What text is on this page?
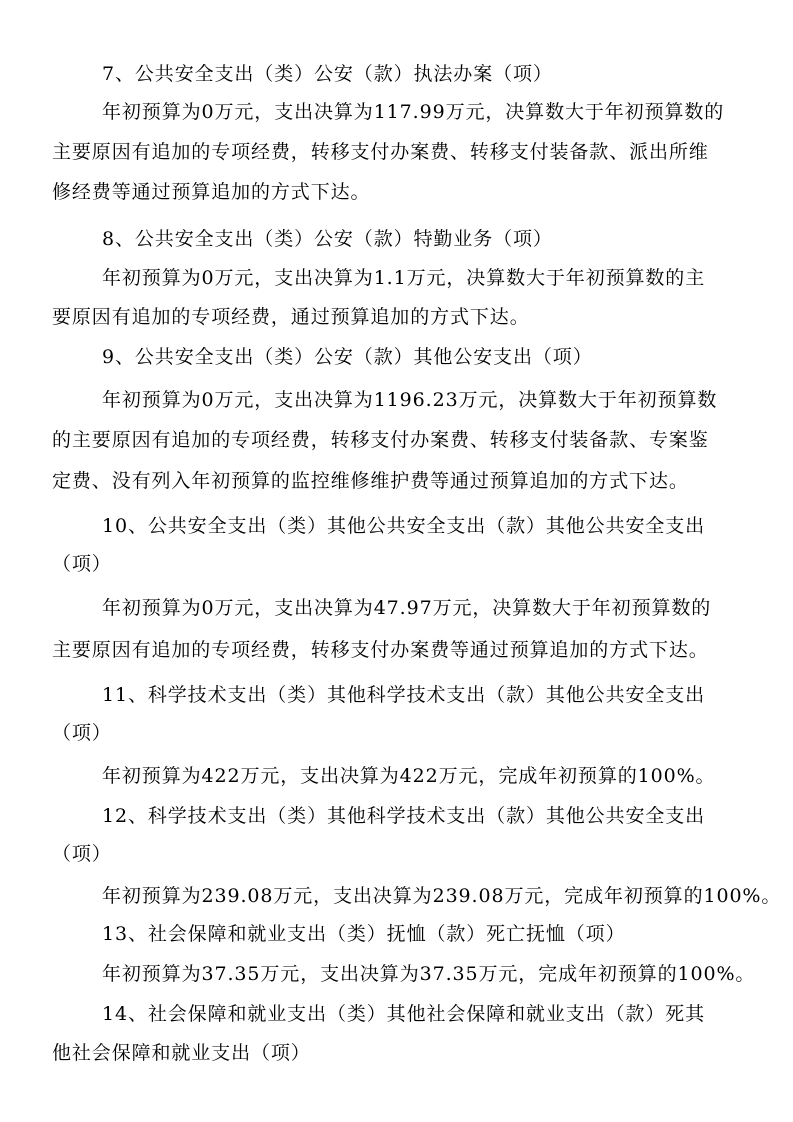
7、公共安全支出（类）公安（款）执法办案（项）
年初预算为0万元，支出决算为117.99万元，决算数大于年初预算数的
主要原因有追加的专项经费，转移支付办案费、转移支付装备款、派出所维
修经费等通过预算追加的方式下达。
8、公共安全支出（类）公安（款）特勤业务（项）
年初预算为0万元，支出决算为1.1万元，决算数大于年初预算数的主
要原因有追加的专项经费，通过预算追加的方式下达。
9、公共安全支出（类）公安（款）其他公安支出（项）
年初预算为0万元，支出决算为1196.23万元，决算数大于年初预算数
的主要原因有追加的专项经费，转移支付办案费、转移支付装备款、专案鉴
定费、没有列入年初预算的监控维修维护费等通过预算追加的方式下达。
10、公共安全支出（类）其他公共安全支出（款）其他公共安全支出
（项）
年初预算为0万元，支出决算为47.97万元，决算数大于年初预算数的
主要原因有追加的专项经费，转移支付办案费等通过预算追加的方式下达。
11、科学技术支出（类）其他科学技术支出（款）其他公共安全支出
（项）
年初预算为422万元，支出决算为422万元，完成年初预算的100%。
12、科学技术支出（类）其他科学技术支出（款）其他公共安全支出
（项）
年初预算为239.08万元，支出决算为239.08万元，完成年初预算的100%。
13、社会保障和就业支出（类）抚恤（款）死亡抚恤（项）
年初预算为37.35万元，支出决算为37.35万元，完成年初预算的100%。
14、社会保障和就业支出（类）其他社会保障和就业支出（款）死其
他社会保障和就业支出（项）
